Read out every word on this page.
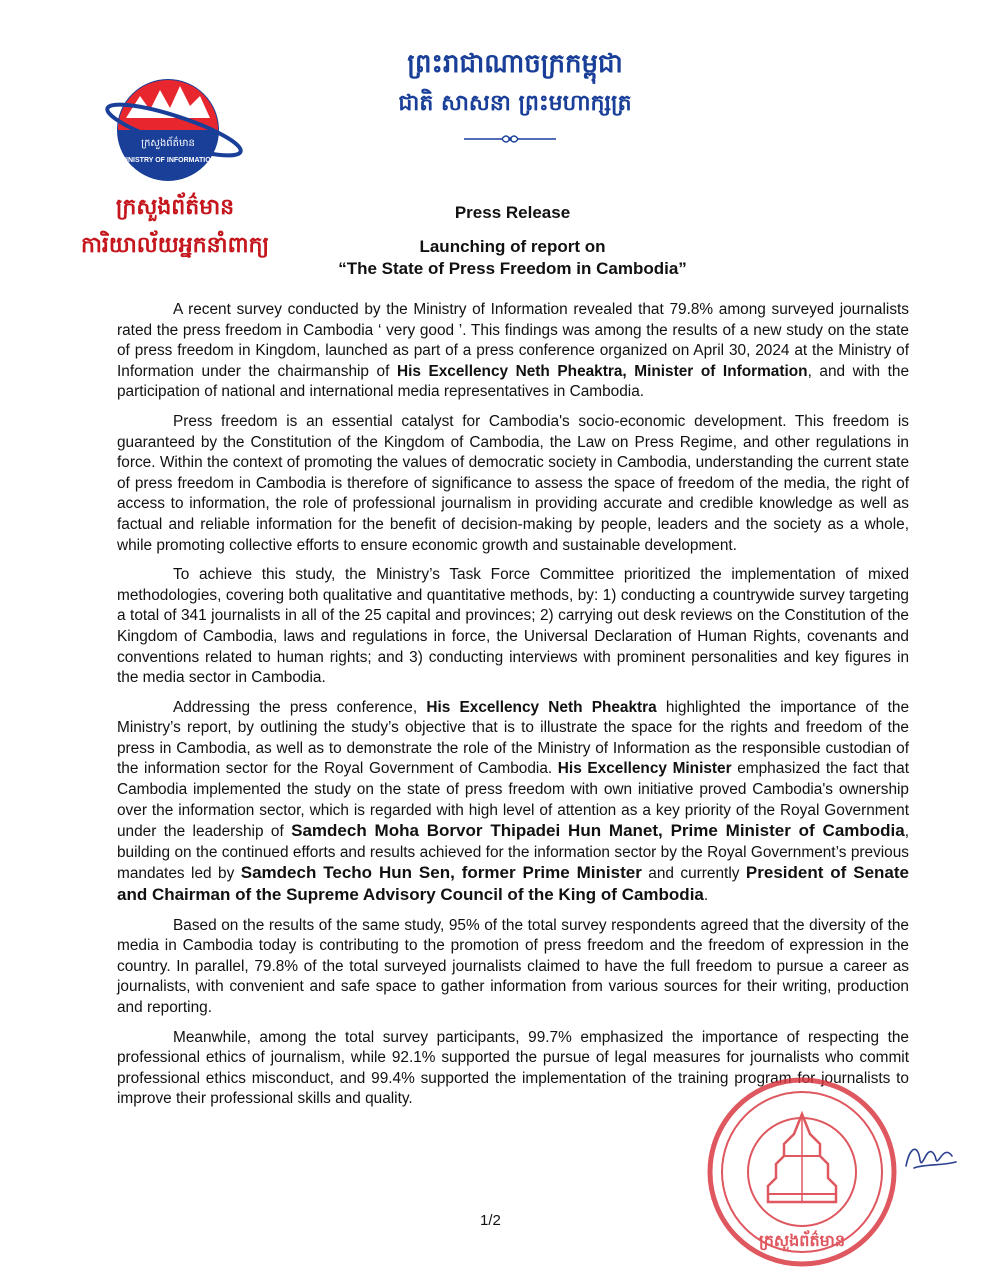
ក្រសួងព័ត៌មាន
MINISTRY OF INFORMATION
ក្រសួងព័ត៌មាន
ការិយាល័យអ្នកនាំពាក្យ
ព្រះរាជាណាចក្រកម្ពុជា
ជាតិ សាសនា ព្រះមហាក្សត្រ
Press Release
Launching of report on
“The State of Press Freedom in Cambodia”

A recent survey conducted by the Ministry of Information revealed that 79.8% among surveyed journalists rated the press freedom in Cambodia ‘ very good ’. This findings was among the results of a new study on the state of press freedom in Kingdom, launched as part of a press conference organized on April 30, 2024 at the Ministry of Information under the chairmanship of His Excellency Neth Pheaktra, Minister of Information, and with the participation of national and international media representatives in Cambodia.

Press freedom is an essential catalyst for Cambodia's socio-economic development. This freedom is guaranteed by the Constitution of the Kingdom of Cambodia, the Law on Press Regime, and other regulations in force. Within the context of promoting the values of democratic society in Cambodia, understanding the current state of press freedom in Cambodia is therefore of significance to assess the space of freedom of the media, the right of access to information, the role of professional journalism in providing accurate and credible knowledge as well as factual and reliable information for the benefit of decision-making by people, leaders and the society as a whole, while promoting collective efforts to ensure economic growth and sustainable development.

To achieve this study, the Ministry’s Task Force Committee prioritized the implementation of mixed methodologies, covering both qualitative and quantitative methods, by: 1) conducting a countrywide survey targeting a total of 341 journalists in all of the 25 capital and provinces; 2) carrying out desk reviews on the Constitution of the Kingdom of Cambodia, laws and regulations in force, the Universal Declaration of Human Rights, covenants and conventions related to human rights; and 3) conducting interviews with prominent personalities and key figures in the media sector in Cambodia.

Addressing the press conference, His Excellency Neth Pheaktra highlighted the importance of the Ministry’s report, by outlining the study’s objective that is to illustrate the space for the rights and freedom of the press in Cambodia, as well as to demonstrate the role of the Ministry of Information as the responsible custodian of the information sector for the Royal Government of Cambodia. His Excellency Minister emphasized the fact that Cambodia implemented the study on the state of press freedom with own initiative proved Cambodia's ownership over the information sector, which is regarded with high level of attention as a key priority of the Royal Government under the leadership of Samdech Moha Borvor Thipadei Hun Manet, Prime Minister of Cambodia, building on the continued efforts and results achieved for the information sector by the Royal Government’s previous mandates led by Samdech Techo Hun Sen, former Prime Minister and currently President of Senate and Chairman of the Supreme Advisory Council of the King of Cambodia.

Based on the results of the same study, 95% of the total survey respondents agreed that the diversity of the media in Cambodia today is contributing to the promotion of press freedom and the freedom of expression in the country. In parallel, 79.8% of the total surveyed journalists claimed to have the full freedom to pursue a career as journalists, with convenient and safe space to gather information from various sources for their writing, production and reporting.

Meanwhile, among the total survey participants, 99.7% emphasized the importance of respecting the professional ethics of journalism, while 92.1% supported the pursue of legal measures for journalists who commit professional ethics misconduct, and 99.4% supported the implementation of the training program for journalists to improve their professional skills and quality.

1/2
ក្រសួងព័ត៌មាន
